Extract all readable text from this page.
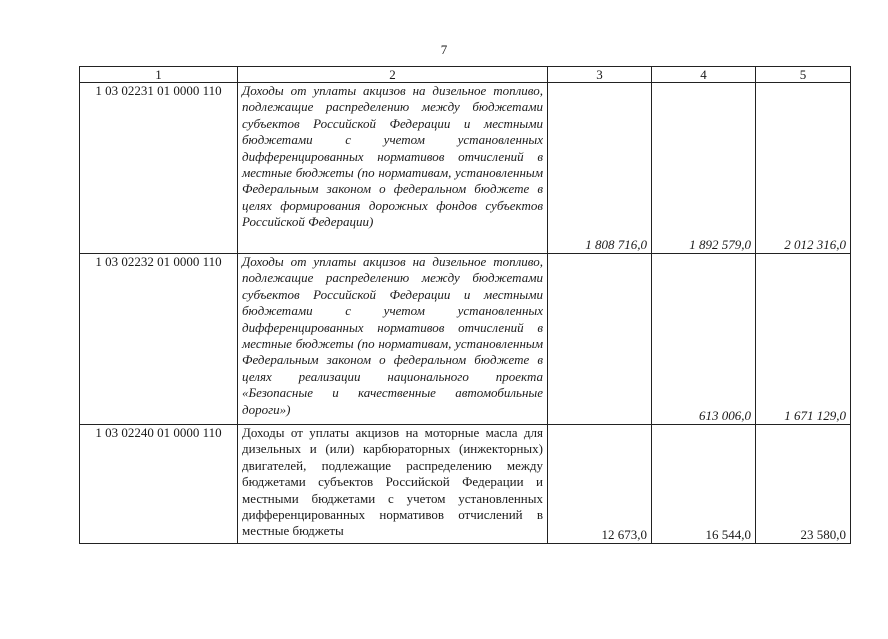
7
1	2	3	4	5
1 03 02231 01 0000 110	Доходы от уплаты акцизов на дизельное топливо, подлежащие распределению между бюджетами субъектов Российской Федерации и местными бюджетами с учетом установленных дифференцированных нормативов отчислений в местные бюджеты (по нормативам, установленным Федеральным законом о федеральном бюджете в целях формирования дорожных фондов субъектов Российской Федерации)	1 808 716,0	1 892 579,0	2 012 316,0
1 03 02232 01 0000 110	Доходы от уплаты акцизов на дизельное топливо, подлежащие распределению между бюджетами субъектов Российской Федерации и местными бюджетами с учетом установленных дифференцированных нормативов отчислений в местные бюджеты (по нормативам, установленным Федеральным законом о федеральном бюджете в целях реализации национального проекта «Безопасные и качественные автомобильные дороги»)		613 006,0	1 671 129,0
1 03 02240 01 0000 110	Доходы от уплаты акцизов на моторные масла для дизельных и (или) карбюраторных (инжекторных) двигателей, подлежащие распределению между бюджетами субъектов Российской Федерации и местными бюджетами с учетом установленных дифференцированных нормативов отчислений в местные бюджеты	12 673,0	16 544,0	23 580,0
